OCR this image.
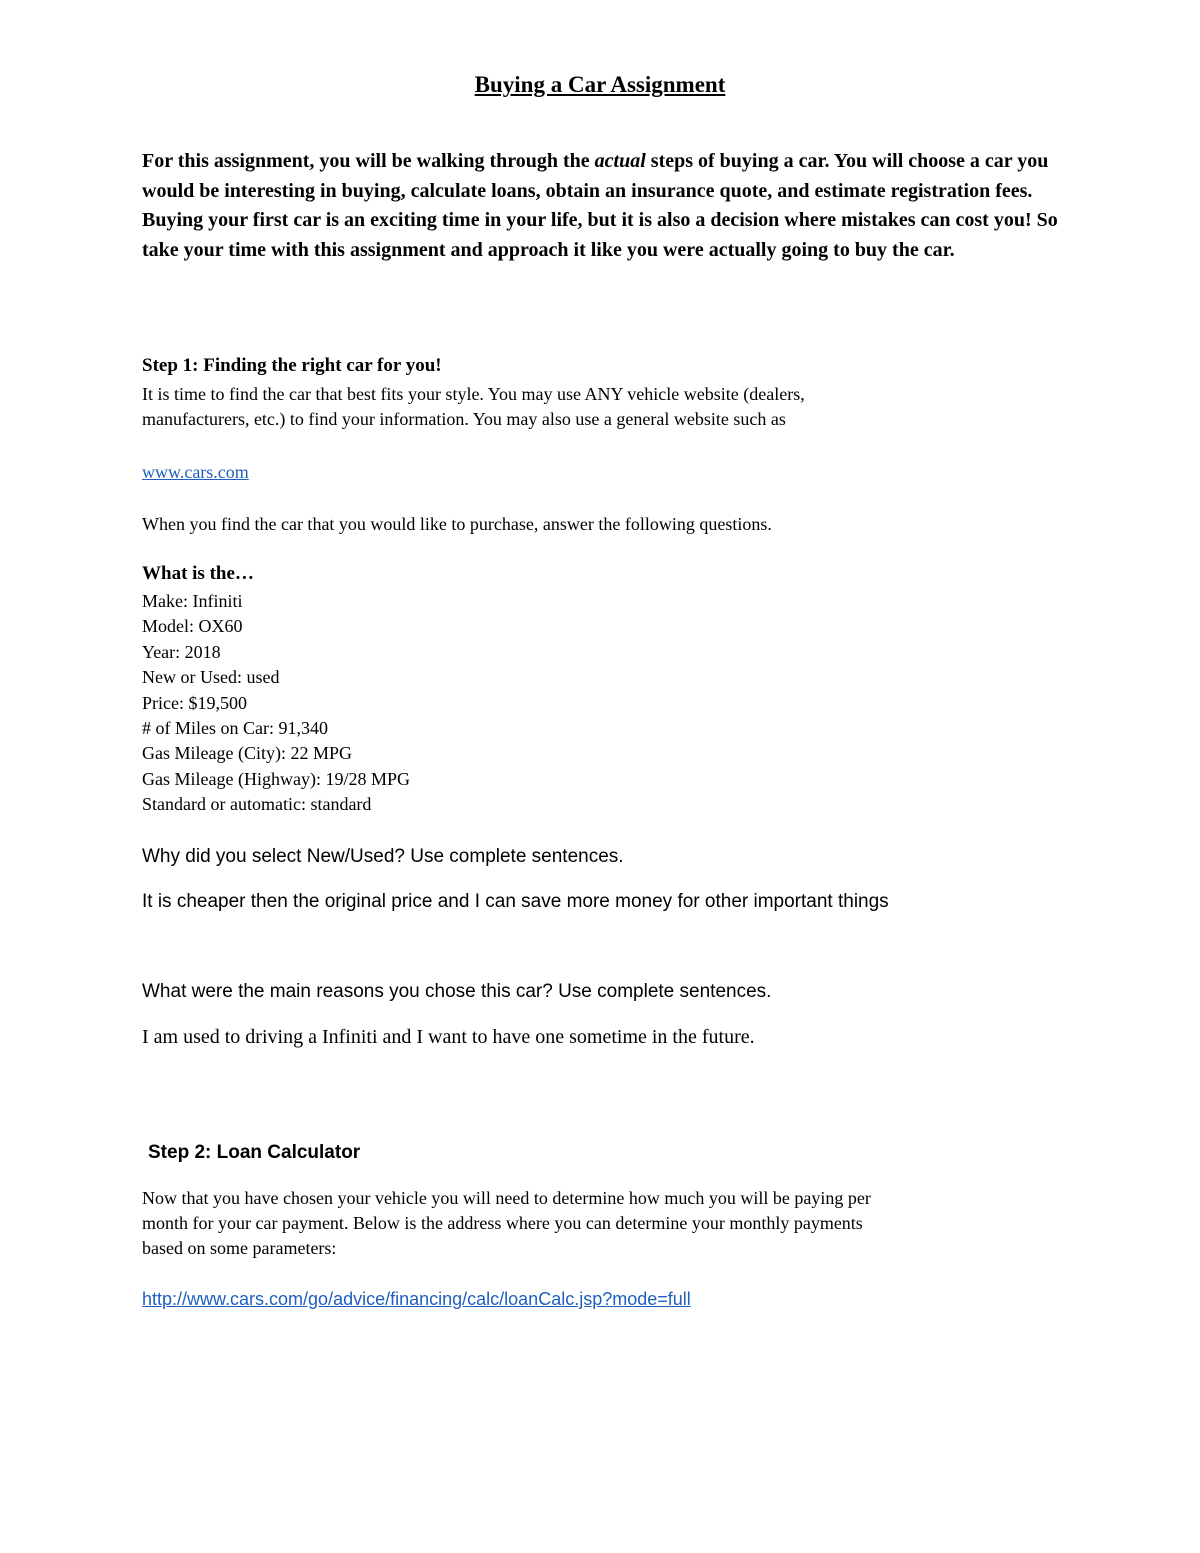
Buying a Car Assignment

For this assignment, you will be walking through the actual steps of buying a car. You will choose a car you would be interesting in buying, calculate loans, obtain an insurance quote, and estimate registration fees. Buying your first car is an exciting time in your life, but it is also a decision where mistakes can cost you! So take your time with this assignment and approach it like you were actually going to buy the car.

Step 1: Finding the right car for you!

It is time to find the car that best fits your style. You may use ANY vehicle website (dealers,

manufacturers, etc.) to find your information. You may also use a general website such as

www.cars.com

When you find the car that you would like to purchase, answer the following questions.

What is the…

Make: Infiniti
Model: OX60
Year: 2018
New or Used: used
Price: $19,500
# of Miles on Car: 91,340
Gas Mileage (City): 22 MPG
Gas Mileage (Highway): 19/28 MPG
Standard or automatic: standard

Why did you select New/Used? Use complete sentences.

It is cheaper then the original price and I can save more money for other important things

What were the main reasons you chose this car? Use complete sentences.

I am used to driving a Infiniti and I want to have one sometime in the future.

Step 2: Loan Calculator

Now that you have chosen your vehicle you will need to determine how much you will be paying per

month for your car payment. Below is the address where you can determine your monthly payments

based on some parameters:

http://www.cars.com/go/advice/financing/calc/loanCalc.jsp?mode=full
